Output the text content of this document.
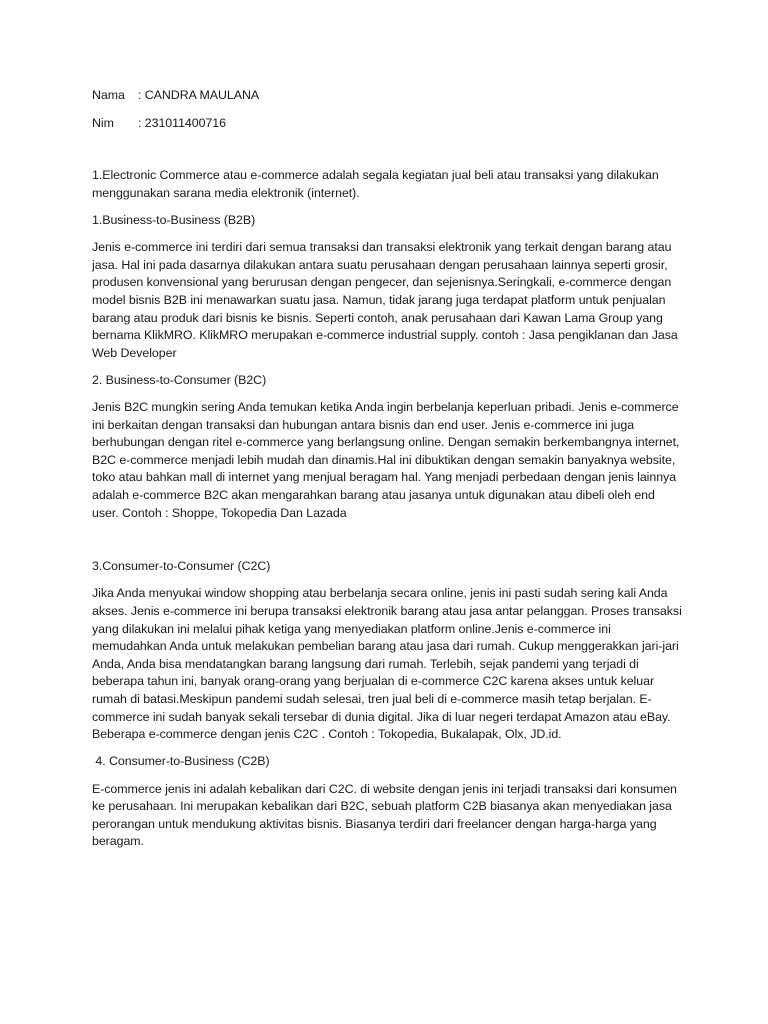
Nama	: CANDRA MAULANA
Nim	: 231011400716

1.Electronic Commerce atau e-commerce adalah segala kegiatan jual beli atau transaksi yang dilakukan menggunakan sarana media elektronik (internet).

1.Business-to-Business (B2B)

Jenis e-commerce ini terdiri dari semua transaksi dan transaksi elektronik yang terkait dengan barang atau jasa. Hal ini pada dasarnya dilakukan antara suatu perusahaan dengan perusahaan lainnya seperti grosir, produsen konvensional yang berurusan dengan pengecer, dan sejenisnya.Seringkali, e-commerce dengan model bisnis B2B ini menawarkan suatu jasa. Namun, tidak jarang juga terdapat platform untuk penjualan barang atau produk dari bisnis ke bisnis. Seperti contoh, anak perusahaan dari Kawan Lama Group yang bernama KlikMRO. KlikMRO merupakan e-commerce industrial supply. contoh : Jasa pengiklanan dan Jasa Web Developer

2. Business-to-Consumer (B2C)

Jenis B2C mungkin sering Anda temukan ketika Anda ingin berbelanja keperluan pribadi. Jenis e-commerce ini berkaitan dengan transaksi dan hubungan antara bisnis dan end user. Jenis e-commerce ini juga berhubungan dengan ritel e-commerce yang berlangsung online. Dengan semakin berkembangnya internet, B2C e-commerce menjadi lebih mudah dan dinamis.Hal ini dibuktikan dengan semakin banyaknya website, toko atau bahkan mall di internet yang menjual beragam hal. Yang menjadi perbedaan dengan jenis lainnya adalah e-commerce B2C akan mengarahkan barang atau jasanya untuk digunakan atau dibeli oleh end user. Contoh : Shoppe, Tokopedia Dan Lazada

3.Consumer-to-Consumer (C2C)

Jika Anda menyukai window shopping atau berbelanja secara online, jenis ini pasti sudah sering kali Anda akses. Jenis e-commerce ini berupa transaksi elektronik barang atau jasa antar pelanggan. Proses transaksi yang dilakukan ini melalui pihak ketiga yang menyediakan platform online.Jenis e-commerce ini memudahkan Anda untuk melakukan pembelian barang atau jasa dari rumah. Cukup menggerakkan jari-jari Anda, Anda bisa mendatangkan barang langsung dari rumah. Terlebih, sejak pandemi yang terjadi di beberapa tahun ini, banyak orang-orang yang berjualan di e-commerce C2C karena akses untuk keluar rumah di batasi.Meskipun pandemi sudah selesai, tren jual beli di e-commerce masih tetap berjalan. E-commerce ini sudah banyak sekali tersebar di dunia digital. Jika di luar negeri terdapat Amazon atau eBay. Beberapa e-commerce dengan jenis C2C . Contoh : Tokopedia, Bukalapak, Olx, JD.id.

4. Consumer-to-Business (C2B)

E-commerce jenis ini adalah kebalikan dari C2C. di website dengan jenis ini terjadi transaksi dari konsumen ke perusahaan. Ini merupakan kebalikan dari B2C, sebuah platform C2B biasanya akan menyediakan jasa perorangan untuk mendukung aktivitas bisnis. Biasanya terdiri dari freelancer dengan harga-harga yang beragam.
